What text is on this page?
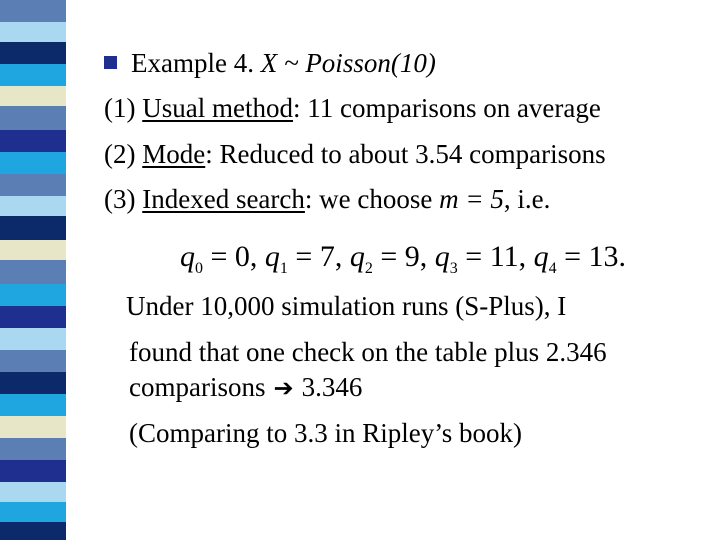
Example 4. X ~ Poisson(10)
(1) Usual method: 11 comparisons on average
(2) Mode: Reduced to about 3.54 comparisons
(3) Indexed search: we choose m = 5, i.e.
$q_0 = 0$, $q_1 = 7$, $q_2 = 9$, $q_3 = 11$, $q_4 = 13$.
Under 10,000 simulation runs (S-Plus), I
found that one check on the table plus 2.346
comparisons ➔ 3.346
(Comparing to 3.3 in Ripley’s book)
